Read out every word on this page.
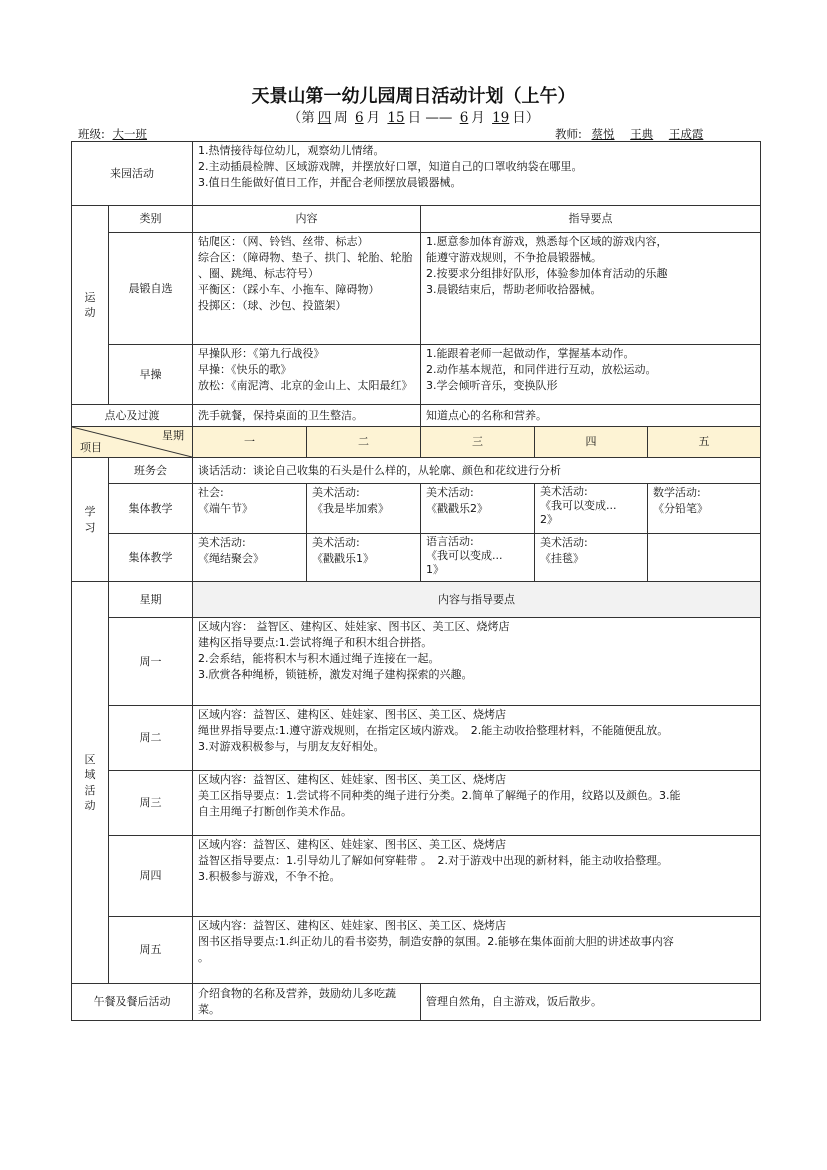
天景山第一幼儿园周日活动计划（上午）
（第 四 周 6 月 15 日 —— 6 月 19 日）
班级: 大一班	教师: 蔡悦 王典 王成霞
来园活动		1.热情接待每位幼儿，观察幼儿情绪。
2.主动插晨检牌、区域游戏牌，并摆放好口罩，知道自己的口罩收纳袋在哪里。
3.值日生能做好值日工作，并配合老师摆放晨锻器械。				

运
动	类别	内容		指导要点		
	晨锻自选	钻爬区：（网、铃铛、丝带、标志）
综合区：（障碍物、垫子、拱门、轮胎、轮胎
、圈、跳绳、标志符号）
平衡区：（踩小车、小拖车、障碍物）
投掷区：（球、沙包、投篮架）		1.愿意参加体育游戏，熟悉每个区域的游戏内容，
能遵守游戏规则，不争抢晨锻器械。
2.按要求分组排好队形，体验参加体育活动的乐趣
3.晨锻结束后，帮助老师收拾器械。		

	早操	早操队形：《第九行战役》
早操：《快乐的歌》
放松：《南泥湾、北京的金山上、太阳最红》		1.能跟着老师一起做动作，掌握基本动作。
2.动作基本规范，和同伴进行互动，放松运动。
3.学会倾听音乐，变换队形		

点心及过渡		洗手就餐，保持桌面的卫生整洁。		知道点心的名称和营养。		

星期
项目		一	二	三	四	五

学
习	班务会	谈话活动：谈论自己收集的石头是什么样的，从轮廓、颜色和花纹进行分析				
	集体教学	社会:
《端午节》	美术活动:
《我是毕加索》	美术活动:
《戳戳乐2》	美术活动:
《我可以变成...
2》	数学活动:
《分铅笔》

	集体教学	美术活动:
《绳结聚会》	美术活动:
《戳戳乐1》	语言活动:
《我可以变成...
1》	美术活动:
《挂毯》	

区
域
活
动	星期	内容与指导要点				
	周一	区域内容： 益智区、建构区、娃娃家、图书区、美工区、烧烤店
建构区指导要点:1.尝试将绳子和积木组合拼搭。
2.会系结，能将积木与积木通过绳子连接在一起。
3.欣赏各种绳桥，锁链桥，激发对绳子建构探索的兴趣。				

	周二	区域内容：益智区、建构区、娃娃家、图书区、美工区、烧烤店
绳世界指导要点:1.遵守游戏规则，在指定区域内游戏。　2.能主动收拾整理材料，不能随便乱放。
3.对游戏积极参与，与朋友友好相处。				

	周三	区域内容：益智区、建构区、娃娃家、图书区、美工区、烧烤店
美工区指导要点：1.尝试将不同种类的绳子进行分类。2.简单了解绳子的作用，纹路以及颜色。3.能
自主用绳子打断创作美术作品。				

	周四	区域内容：益智区、建构区、娃娃家、图书区、美工区、烧烤店
益智区指导要点：1.引导幼儿了解如何穿鞋带 。　2.对于游戏中出现的新材料，能主动收拾整理。
3.积极参与游戏，不争不抢。				

	周五	区域内容：益智区、建构区、娃娃家、图书区、美工区、烧烤店
图书区指导要点:1.纠正幼儿的看书姿势，制造安静的氛围。2.能够在集体面前大胆的讲述故事内容
。				

午餐及餐后活动		介绍食物的名称及营养，鼓励幼儿多吃蔬菜。		管理自然角，自主游戏，饭后散步。		
